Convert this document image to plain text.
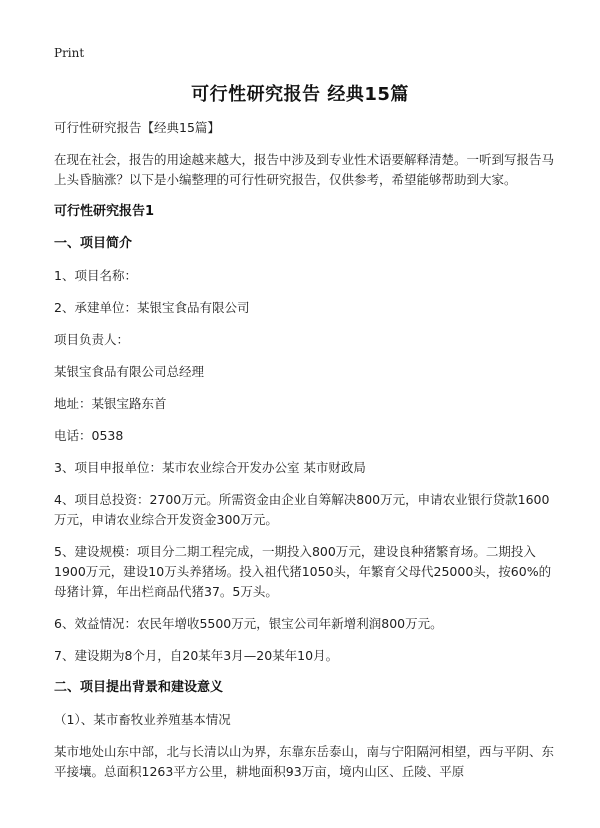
Print
可行性研究报告 经典15篇
可行性研究报告【经典15篇】
在现在社会，报告的用途越来越大，报告中涉及到专业性术语要解释清楚。一听到写报告马上头昏脑涨？以下是小编整理的可行性研究报告，仅供参考，希望能够帮助到大家。
可行性研究报告1
一、项目简介
1、项目名称：
2、承建单位：某银宝食品有限公司
项目负责人：
某银宝食品有限公司总经理
地址：某银宝路东首
电话：0538
3、项目申报单位：某市农业综合开发办公室 某市财政局
4、项目总投资：2700万元。所需资金由企业自筹解决800万元，申请农业银行贷款1600万元，申请农业综合开发资金300万元。
5、建设规模：项目分二期工程完成，一期投入800万元，建设良种猪繁育场。二期投入1900万元，建设10万头养猪场。投入祖代猪1050头，年繁育父母代25000头，按60%的母猪计算，年出栏商品代猪37。5万头。
6、效益情况：农民年增收5500万元，银宝公司年新增利润800万元。
7、建设期为8个月，自20某年3月—20某年10月。
二、项目提出背景和建设意义
（1）、某市畜牧业养殖基本情况
某市地处山东中部，北与长清以山为界，东靠东岳泰山，南与宁阳隔河相望，西与平阴、东平接壤。总面积1263平方公里，耕地面积93万亩，境内山区、丘陵、平原
